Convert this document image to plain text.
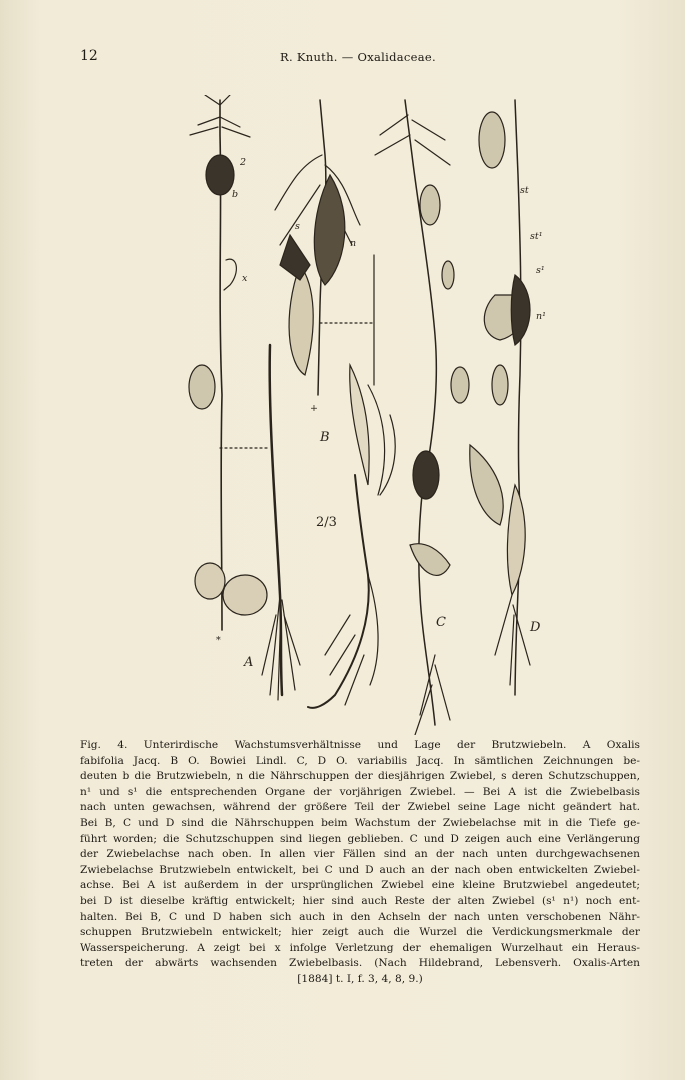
12	R. Knuth. — Oxalidaceae.
A
B
C	D
2/3
2
b
x
s
n
st
st¹
s¹
n¹
+
*
Fig. 4. Unterirdische Wachstumsverhältnisse und Lage der Brutzwiebeln. A Oxalis
fabifolia Jacq. B O. Bowiei Lindl. C, D O. variabilis Jacq. In sämtlichen Zeichnungen be-
deuten b die Brutzwiebeln, n die Nährschuppen der diesjährigen Zwiebel, s deren Schutzschuppen,
n¹ und s¹ die entsprechenden Organe der vorjährigen Zwiebel. — Bei A ist die Zwiebelbasis
nach unten gewachsen, während der größere Teil der Zwiebel seine Lage nicht geändert hat.
Bei B, C und D sind die Nährschuppen beim Wachstum der Zwiebelachse mit in die Tiefe ge-
führt worden; die Schutzschuppen sind liegen geblieben. C und D zeigen auch eine Verlängerung
der Zwiebelachse nach oben. In allen vier Fällen sind an der nach unten durchgewachsenen
Zwiebelachse Brutzwiebeln entwickelt, bei C und D auch an der nach oben entwickelten Zwiebel-
achse. Bei A ist außerdem in der ursprünglichen Zwiebel eine kleine Brutzwiebel angedeutet;
bei D ist dieselbe kräftig entwickelt; hier sind auch Reste der alten Zwiebel (s¹ n¹) noch ent-
halten. Bei B, C und D haben sich auch in den Achseln der nach unten verschobenen Nähr-
schuppen Brutzwiebeln entwickelt; hier zeigt auch die Wurzel die Verdickungsmerkmale der
Wasserspeicherung. A zeigt bei x infolge Verletzung der ehemaligen Wurzelhaut ein Heraus-
treten der abwärts wachsenden Zwiebelbasis. (Nach Hildebrand, Lebensverh. Oxalis-Arten
[1884] t. I, f. 3, 4, 8, 9.)
